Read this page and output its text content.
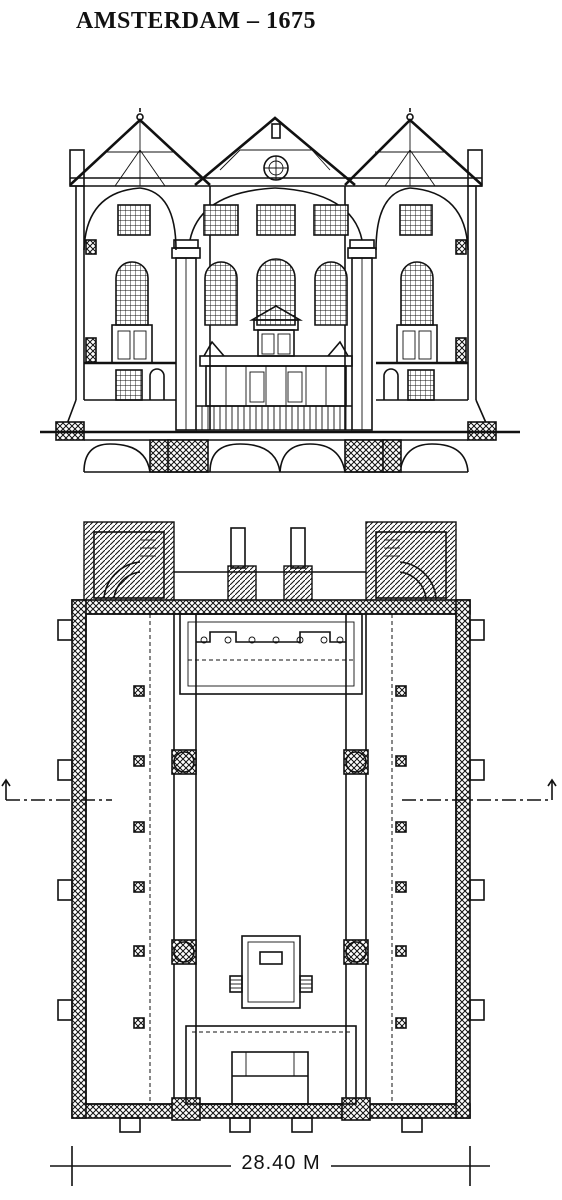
AMSTERDAM – 1675
28.40 M
